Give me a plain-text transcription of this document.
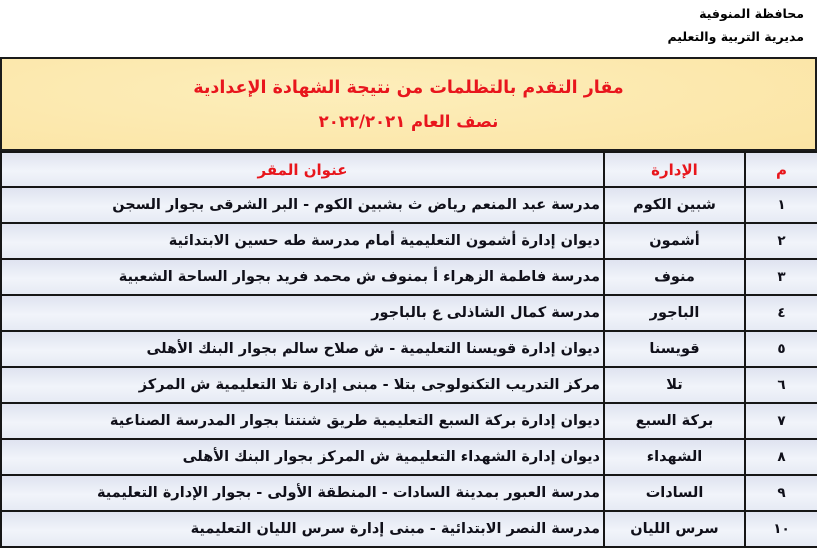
محافظة المنوفية
مديرية التربية والتعليم
مقار التقدم بالتظلمات من نتيجة الشهادة الإعدادية
نصف العام ٢٠٢٢/٢٠٢١
م	الإدارة	عنوان المقر
١	شبين الكوم	مدرسة عبد المنعم رياض ث بشبين الكوم - البر الشرقى بجوار السجن
٢	أشمون	ديوان إدارة أشمون التعليمية أمام مدرسة طه حسين الابتدائية
٣	منوف	مدرسة فاطمة الزهراء أ بمنوف ش محمد فريد بجوار الساحة الشعبية
٤	الباجور	مدرسة كمال الشاذلى ع بالباجور
٥	قويسنا	ديوان إدارة قويسنا التعليمية - ش صلاح سالم بجوار البنك الأهلى
٦	تلا	مركز التدريب التكنولوجى بتلا - مبنى إدارة تلا التعليمية ش المركز
٧	بركة السبع	ديوان إدارة بركة السبع التعليمية طريق شنتنا بجوار المدرسة الصناعية
٨	الشهداء	ديوان إدارة الشهداء التعليمية ش المركز بجوار البنك الأهلى
٩	السادات	مدرسة العبور بمدينة السادات - المنطقة الأولى - بجوار الإدارة التعليمية
١٠	سرس الليان	مدرسة النصر الابتدائية - مبنى إدارة سرس الليان التعليمية
